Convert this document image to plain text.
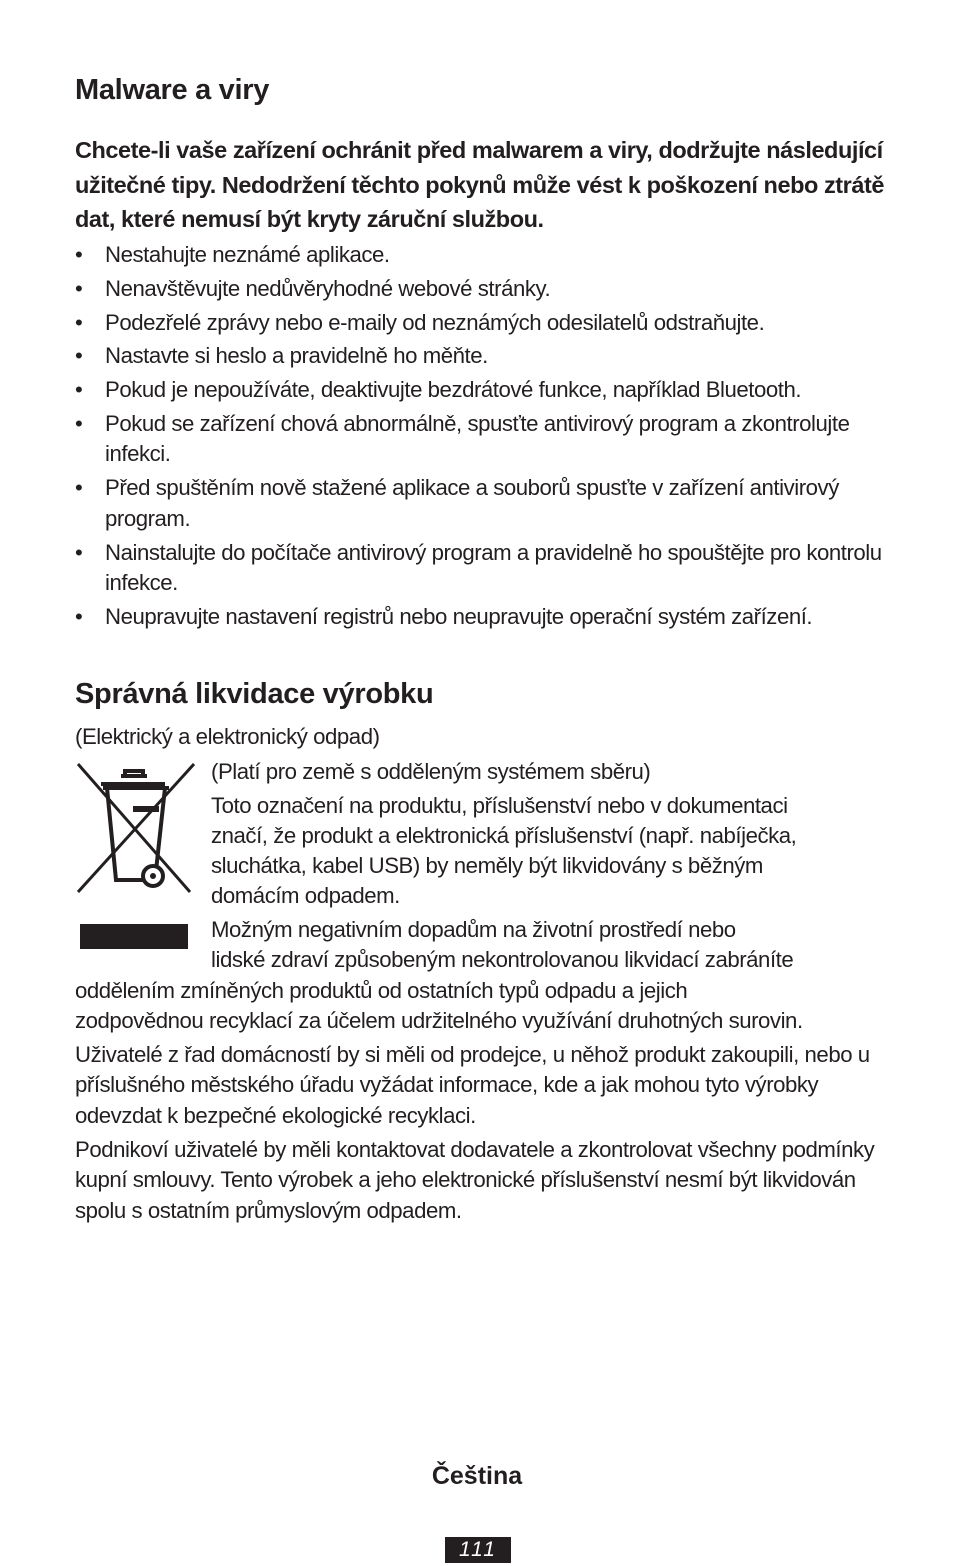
Malware a viry

Chcete-li vaše zařízení ochránit před malwarem a viry, dodržujte následující užitečné tipy. Nedodržení těchto pokynů může vést k poškození nebo ztrátě dat, které nemusí být kryty záruční službou.

• Nestahujte neznámé aplikace.
• Nenavštěvujte nedůvěryhodné webové stránky.
• Podezřelé zprávy nebo e-maily od neznámých odesilatelů odstraňujte.
• Nastavte si heslo a pravidelně ho měňte.
• Pokud je nepoužíváte, deaktivujte bezdrátové funkce, například Bluetooth.
• Pokud se zařízení chová abnormálně, spusťte antivirový program a zkontrolujte infekci.
• Před spuštěním nově stažené aplikace a souborů spusťte v zařízení antivirový program.
• Nainstalujte do počítače antivirový program a pravidelně ho spouštějte pro kontrolu infekce.
• Neupravujte nastavení registrů nebo neupravujte operační systém zařízení.
Správná likvidace výrobku

(Elektrický a elektronický odpad)

(Platí pro země s odděleným systémem sběru)

Toto označení na produktu, příslušenství nebo v dokumentaci

značí, že produkt a elektronická příslušenství (např. nabíječka,

sluchátka, kabel USB) by neměly být likvidovány s běžným

domácím odpadem.

Možným negativním dopadům na životní prostředí nebo

lidské zdraví způsobeným nekontrolovanou likvidací zabráníte

oddělením zmíněných produktů od ostatních typů odpadu a jejich

zodpovědnou recyklací za účelem udržitelného využívání druhotných surovin.

Uživatelé z řad domácností by si měli od prodejce, u něhož produkt zakoupili, nebo u příslušného městského úřadu vyžádat informace, kde a jak mohou tyto výrobky odevzdat k bezpečné ekologické recyklaci.

Podnikoví uživatelé by měli kontaktovat dodavatele a zkontrolovat všechny podmínky kupní smlouvy. Tento výrobek a jeho elektronické příslušenství nesmí být likvidován spolu s ostatním průmyslovým odpadem.

Čeština

111
